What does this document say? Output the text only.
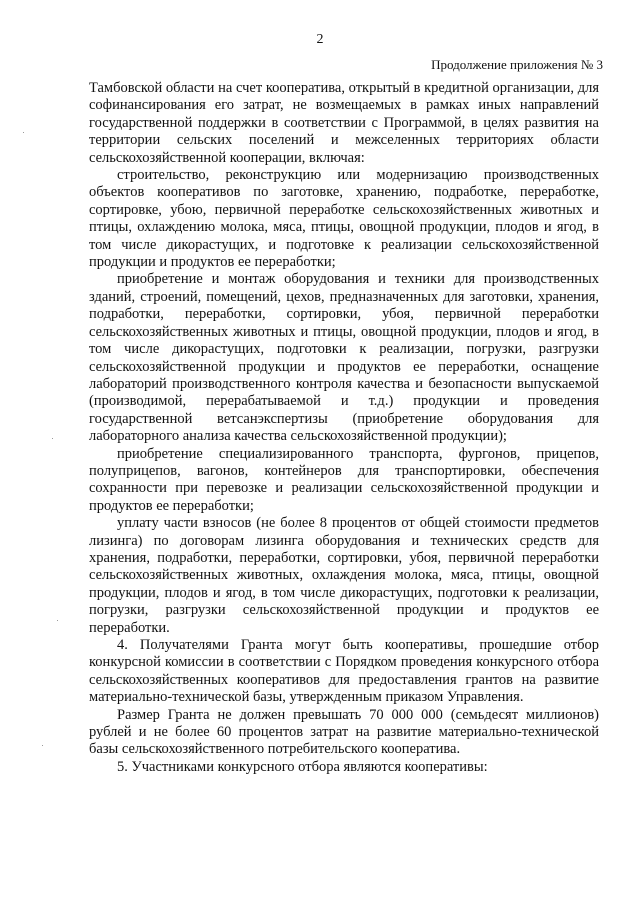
2
Продолжение приложения № 3

Тамбовской области на счет кооператива, открытый в кредитной организации, для софинансирования его затрат, не возмещаемых в рамках иных направлений государственной поддержки в соответствии с Программой, в целях развития на территории сельских поселений и межселенных территориях области сельскохозяйственной кооперации, включая:

строительство, реконструкцию или модернизацию производственных объектов кооперативов по заготовке, хранению, подработке, переработке, сортировке, убою, первичной переработке сельскохозяйственных животных и птицы, охлаждению молока, мяса, птицы, овощной продукции, плодов и ягод, в том числе дикорастущих, и подготовке к реализации сельскохозяйственной продукции и продуктов ее переработки;

приобретение и монтаж оборудования и техники для производственных зданий, строений, помещений, цехов, предназначенных для заготовки, хранения, подработки, переработки, сортировки, убоя, первичной переработки сельскохозяйственных животных и птицы, овощной продукции, плодов и ягод, в том числе дикорастущих, подготовки к реализации, погрузки, разгрузки сельскохозяйственной продукции и продуктов ее переработки, оснащение лабораторий производственного контроля качества и безопасности выпускаемой (производимой, перерабатываемой и т.д.) продукции и проведения государственной ветсанэкспертизы (приобретение оборудования для лабораторного анализа качества сельскохозяйственной продукции);

приобретение специализированного транспорта, фургонов, прицепов, полуприцепов, вагонов, контейнеров для транспортировки, обеспечения сохранности при перевозке и реализации сельскохозяйственной продукции и продуктов ее переработки;

уплату части взносов (не более 8 процентов от общей стоимости предметов лизинга) по договорам лизинга оборудования и технических средств для хранения, подработки, переработки, сортировки, убоя, первичной переработки сельскохозяйственных животных, охлаждения молока, мяса, птицы, овощной продукции, плодов и ягод, в том числе дикорастущих, подготовки к реализации, погрузки, разгрузки сельскохозяйственной продукции и продуктов ее переработки.

4. Получателями Гранта могут быть кооперативы, прошедшие отбор конкурсной комиссии в соответствии с Порядком проведения конкурсного отбора сельскохозяйственных кооперативов для предоставления грантов на развитие материально-технической базы, утвержденным приказом Управления.

Размер Гранта не должен превышать 70 000 000 (семьдесят миллионов) рублей и не более 60 процентов затрат на развитие материально-технической базы сельскохозяйственного потребительского кооператива.

5. Участниками конкурсного отбора являются кооперативы:
